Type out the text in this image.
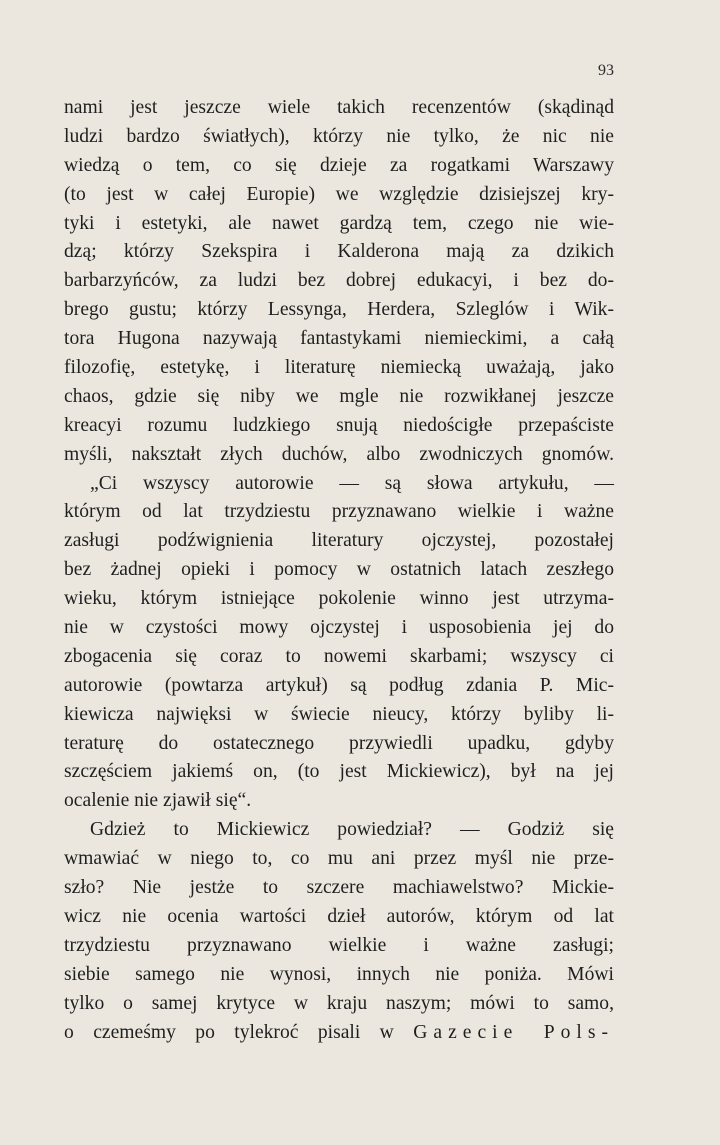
93
nami jest jeszcze wiele takich recenzentów (skądinąd
ludzi bardzo światłych), którzy nie tylko, że nic nie
wiedzą o tem, co się dzieje za rogatkami Warszawy
(to jest w całej Europie) we względzie dzisiejszej kry-
tyki i estetyki, ale nawet gardzą tem, czego nie wie-
dzą; którzy Szekspira i Kalderona mają za dzikich
barbarzyńców, za ludzi bez dobrej edukacyi, i bez do-
brego gustu; którzy Lessynga, Herdera, Szleglów i Wik-
tora Hugona nazywają fantastykami niemieckimi, a całą
filozofię, estetykę, i literaturę niemiecką uważają, jako
chaos, gdzie się niby we mgle nie rozwikłanej jeszcze
kreacyi rozumu ludzkiego snują niedościgłe przepaściste
myśli, nakształt złych duchów, albo zwodniczych gnomów.
„Ci wszyscy autorowie — są słowa artykułu, —
którym od lat trzydziestu przyznawano wielkie i ważne
zasługi podźwignienia literatury ojczystej, pozostałej
bez żadnej opieki i pomocy w ostatnich latach zeszłego
wieku, którym istniejące pokolenie winno jest utrzyma-
nie w czystości mowy ojczystej i usposobienia jej do
zbogacenia się coraz to nowemi skarbami; wszyscy ci
autorowie (powtarza artykuł) są podług zdania P. Mic-
kiewicza najwięksi w świecie nieucy, którzy byliby li-
teraturę do ostatecznego przywiedli upadku, gdyby
szczęściem jakiemś on, (to jest Mickiewicz), był na jej
ocalenie nie zjawił się“.
Gdzież to Mickiewicz powiedział? — Godziż się
wmawiać w niego to, co mu ani przez myśl nie prze-
szło? Nie jestże to szczere machiawelstwo? Mickie-
wicz nie ocenia wartości dzieł autorów, którym od lat
trzydziestu przyznawano wielkie i ważne zasługi;
siebie samego nie wynosi, innych nie poniża. Mówi
tylko o samej krytyce w kraju naszym; mówi to samo,
o czemeśmy po tylekroć pisali w Gazecie Pols-
